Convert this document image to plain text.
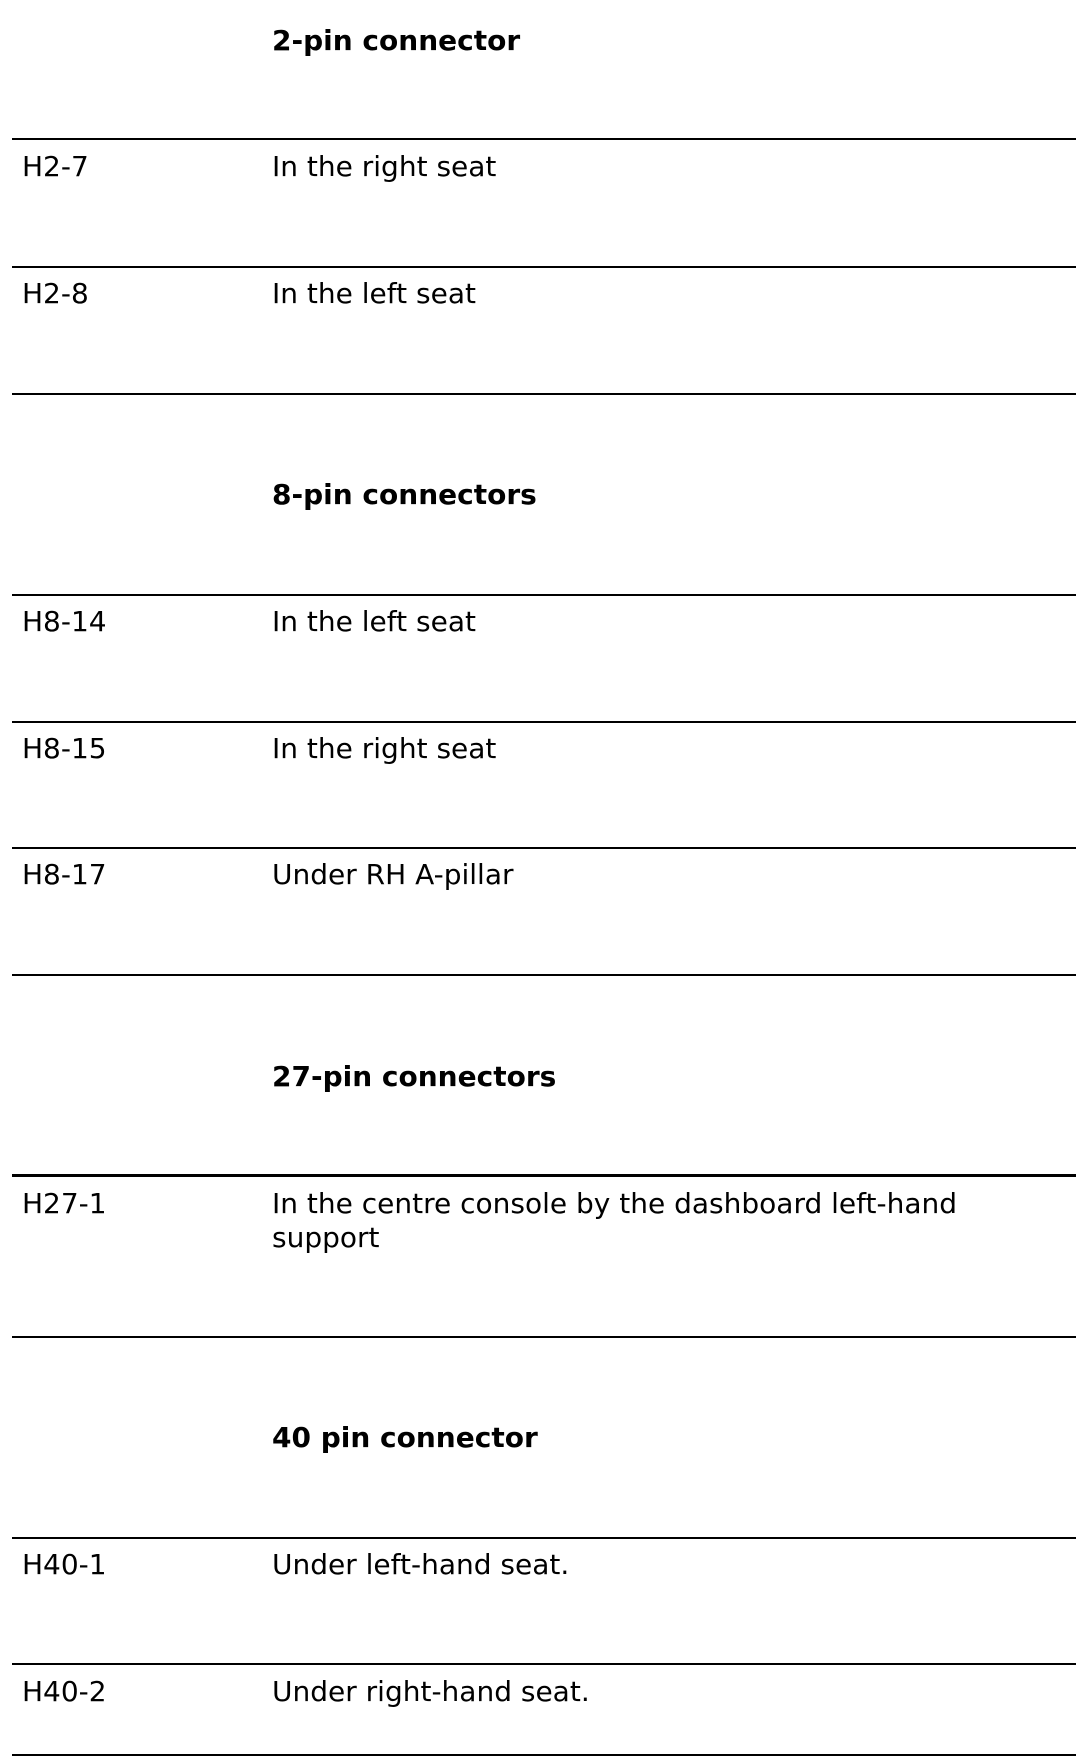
2-pin connector
H2-7	In the right seat
H2-8	In the left seat
8-pin connectors
H8-14	In the left seat
H8-15	In the right seat
H8-17	Under RH A-pillar
27-pin connectors
H27-1	In the centre console by the dashboard left-hand support
40 pin connector
H40-1	Under left-hand seat.
H40-2	Under right-hand seat.
